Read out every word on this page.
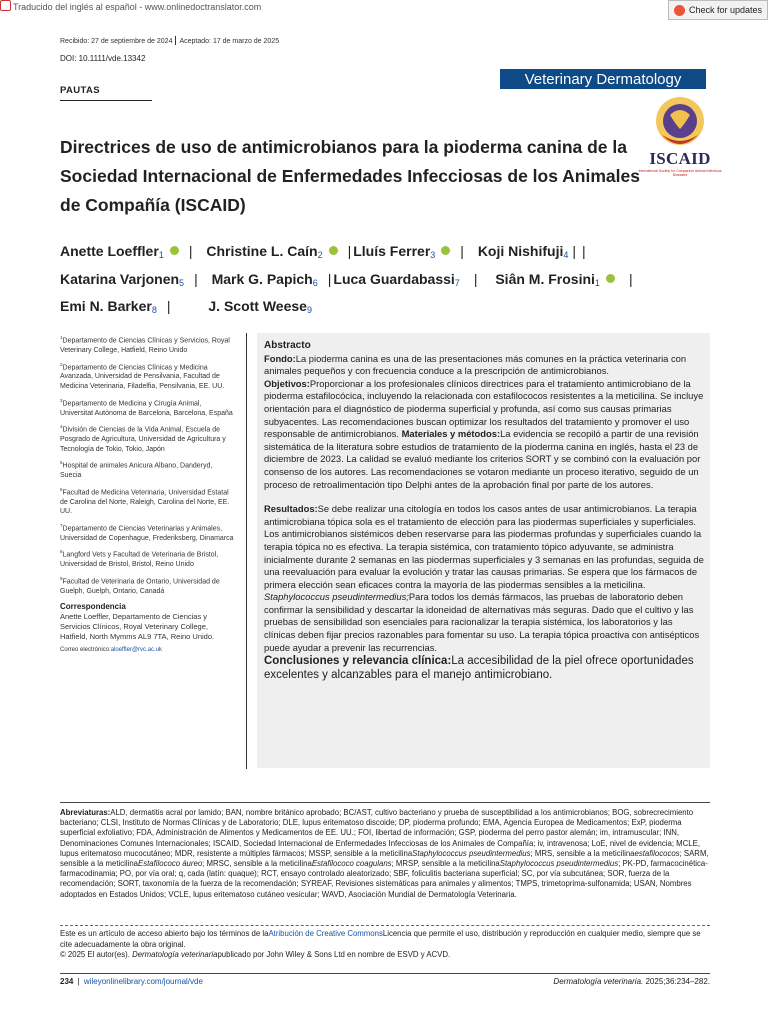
Traducido del inglés al español - www.onlinedoctranslator.com	Check for updates
Recibido: 27 de septiembre de 2024 Aceptado: 17 de marzo de 2025
DOI: 10.1111/vde.13342
PAUTAS
Veterinary Dermatology
ISCAID
International Society for Companion Animal Infectious Diseases
Directrices de uso de antimicrobianos para la pioderma canina de la Sociedad Internacional de Enfermedades Infecciosas de los Animales de Compañía (ISCAID)
Anette Loeffler$^1$ | Christine L. Caín$^2$ | Lluís Ferrer$^3$ | Koji Nishifuji$^4$ | |
Katarina Varjonen$^5$ | Mark G. Papich$^6$ | Luca Guardabassi$^7$ | Siân M. Frosini$^1$ |
Emi N. Barker$^8$ |	J. Scott Weese$^9$
$^1$Departamento de Ciencias Clínicas y Servicios, Royal Veterinary College, Hatfield, Reino Unido
$^2$Departamento de Ciencias Clínicas y Medicina Avanzada, Universidad de Pensilvania, Facultad de Medicina Veterinaria, Filadelfia, Pensilvania, EE. UU.
$^3$Departamento de Medicina y Cirugía Animal, Universitat Autònoma de Barcelona, Barcelona, España
$^4$División de Ciencias de la Vida Animal, Escuela de Posgrado de Agricultura, Universidad de Agricultura y Tecnología de Tokio, Tokio, Japón
$^5$Hospital de animales Anicura Albano, Danderyd, Suecia
$^6$Facultad de Medicina Veterinaria, Universidad Estatal de Carolina del Norte, Raleigh, Carolina del Norte, EE. UU.
$^7$Departamento de Ciencias Veterinarias y Animales, Universidad de Copenhague, Frederiksberg, Dinamarca
$^8$Langford Vets y Facultad de Veterinaria de Bristol, Universidad de Bristol, Bristol, Reino Unido
$^9$Facultad de Veterinaria de Ontario, Universidad de Guelph, Guelph, Ontario, Canadá
Correspondencia
Anette Loeffler, Departamento de Ciencias y Servicios Clínicos, Royal Veterinary College, Hatfield, North Mymms AL9 7TA, Reino Unido.
Correo electrónico:aloeffler@rvc.ac.uk
Abstracto
Fondo:La pioderma canina es una de las presentaciones más comunes en la práctica veterinaria con animales pequeños y con frecuencia conduce a la prescripción de antimicrobianos.
Objetivos:Proporcionar a los profesionales clínicos directrices para el tratamiento antimicrobiano de la pioderma estafilocócica, incluyendo la relacionada con estafilococos resistentes a la meticilina. Se incluye orientación para el diagnóstico de pioderma superficial y profunda, así como sus causas primarias subyacentes. Las recomendaciones buscan optimizar los resultados del tratamiento y promover el uso responsable de antimicrobianos. Materiales y métodos:La evidencia se recopiló a partir de una revisión sistemática de la literatura sobre estudios de tratamiento de la pioderma canina en inglés, hasta el 23 de diciembre de 2023. La calidad se evaluó mediante los criterios SORT y se combinó con la evaluación por consenso de los autores. Las recomendaciones se votaron mediante un proceso iterativo, seguido de un proceso de retroalimentación tipo Delphi antes de la aprobación final por parte de los autores.
Resultados:Se debe realizar una citología en todos los casos antes de usar antimicrobianos. La terapia antimicrobiana tópica sola es el tratamiento de elección para las piodermas superficiales y superficiales. Los antimicrobianos sistémicos deben reservarse para las piodermas profundas y superficiales cuando la terapia tópica no es efectiva. La terapia sistémica, con tratamiento tópico adyuvante, se administra inicialmente durante 2 semanas en las piodermas superficiales y 3 semanas en las profundas, seguida de una reevaluación para evaluar la evolución y tratar las causas primarias. Se espera que los fármacos de primera elección sean eficaces contra la mayoría de las piodermas sensibles a la meticilina. Staphylococcus pseudintermedius;Para todos los demás fármacos, las pruebas de laboratorio deben confirmar la sensibilidad y descartar la idoneidad de alternativas más seguras. Dado que el cultivo y las pruebas de sensibilidad son esenciales para racionalizar la terapia sistémica, los laboratorios y las clínicas deben fijar precios razonables para fomentar su uso. La terapia tópica proactiva con antisépticos puede ayudar a prevenir las recurrencias.
Conclusiones y relevancia clínica:La accesibilidad de la piel ofrece oportunidades excelentes y alcanzables para el manejo antimicrobiano.
Abreviaturas:ALD, dermatitis acral por lamido; BAN, nombre británico aprobado; BC/AST, cultivo bacteriano y prueba de susceptibilidad a los antimicrobianos; BOG, sobrecrecimiento bacteriano; CLSI, Instituto de Normas Clínicas y de Laboratorio; DLE, lupus eritematoso discoide; DP, pioderma profundo; EMA, Agencia Europea de Medicamentos; ExP, pioderma superficial exfoliativo; FDA, Administración de Alimentos y Medicamentos de EE. UU.; FOI, libertad de información; GSP, pioderma del perro pastor alemán; im, intramuscular; INN, Denominaciones Comunes Internacionales; ISCAID, Sociedad Internacional de Enfermedades Infecciosas de los Animales de Compañía; iv, intravenosa; LoE, nivel de evidencia; MCLE, lupus eritematoso mucocutáneo; MDR, resistente a múltiples fármacos; MSSP, sensible a la meticilinaStaphylococcus pseudintermedius; MRS, sensible a la meticilinaestafilococos; SARM, sensible a la meticilinaEstafilococo áureo; MRSC, sensible a la meticilinaEstafilococo coagulans; MRSP, sensible a la meticilinaStaphylococcus pseudintermedius; PK-PD, farmacocinética-farmacodinamia; PO, por vía oral; q, cada (latín: quaque); RCT, ensayo controlado aleatorizado; SBF, foliculitis bacteriana superficial; SC, por vía subcutánea; SOR, fuerza de la recomendación; SORT, taxonomía de la fuerza de la recomendación; SYREAF, Revisiones sistemáticas para animales y alimentos; TMPS, trimetoprima-sulfonamida; USAN, Nombres adoptados en Estados Unidos; VCLE, lupus eritematoso cutáneo vesicular; WAVD, Asociación Mundial de Dermatología Veterinaria.
Este es un artículo de acceso abierto bajo los términos de laAtribución de Creative CommonsLicencia que permite el uso, distribución y reproducción en cualquier medio, siempre que se cite adecuadamente la obra original.
© 2025 El autor(es). Dermatología veterinariapublicado por John Wiley & Sons Ltd en nombre de ESVD y ACVD.
234 | wileyonlinelibrary.com/journal/vde	Dermatología veterinaria. 2025;36:234–282.
